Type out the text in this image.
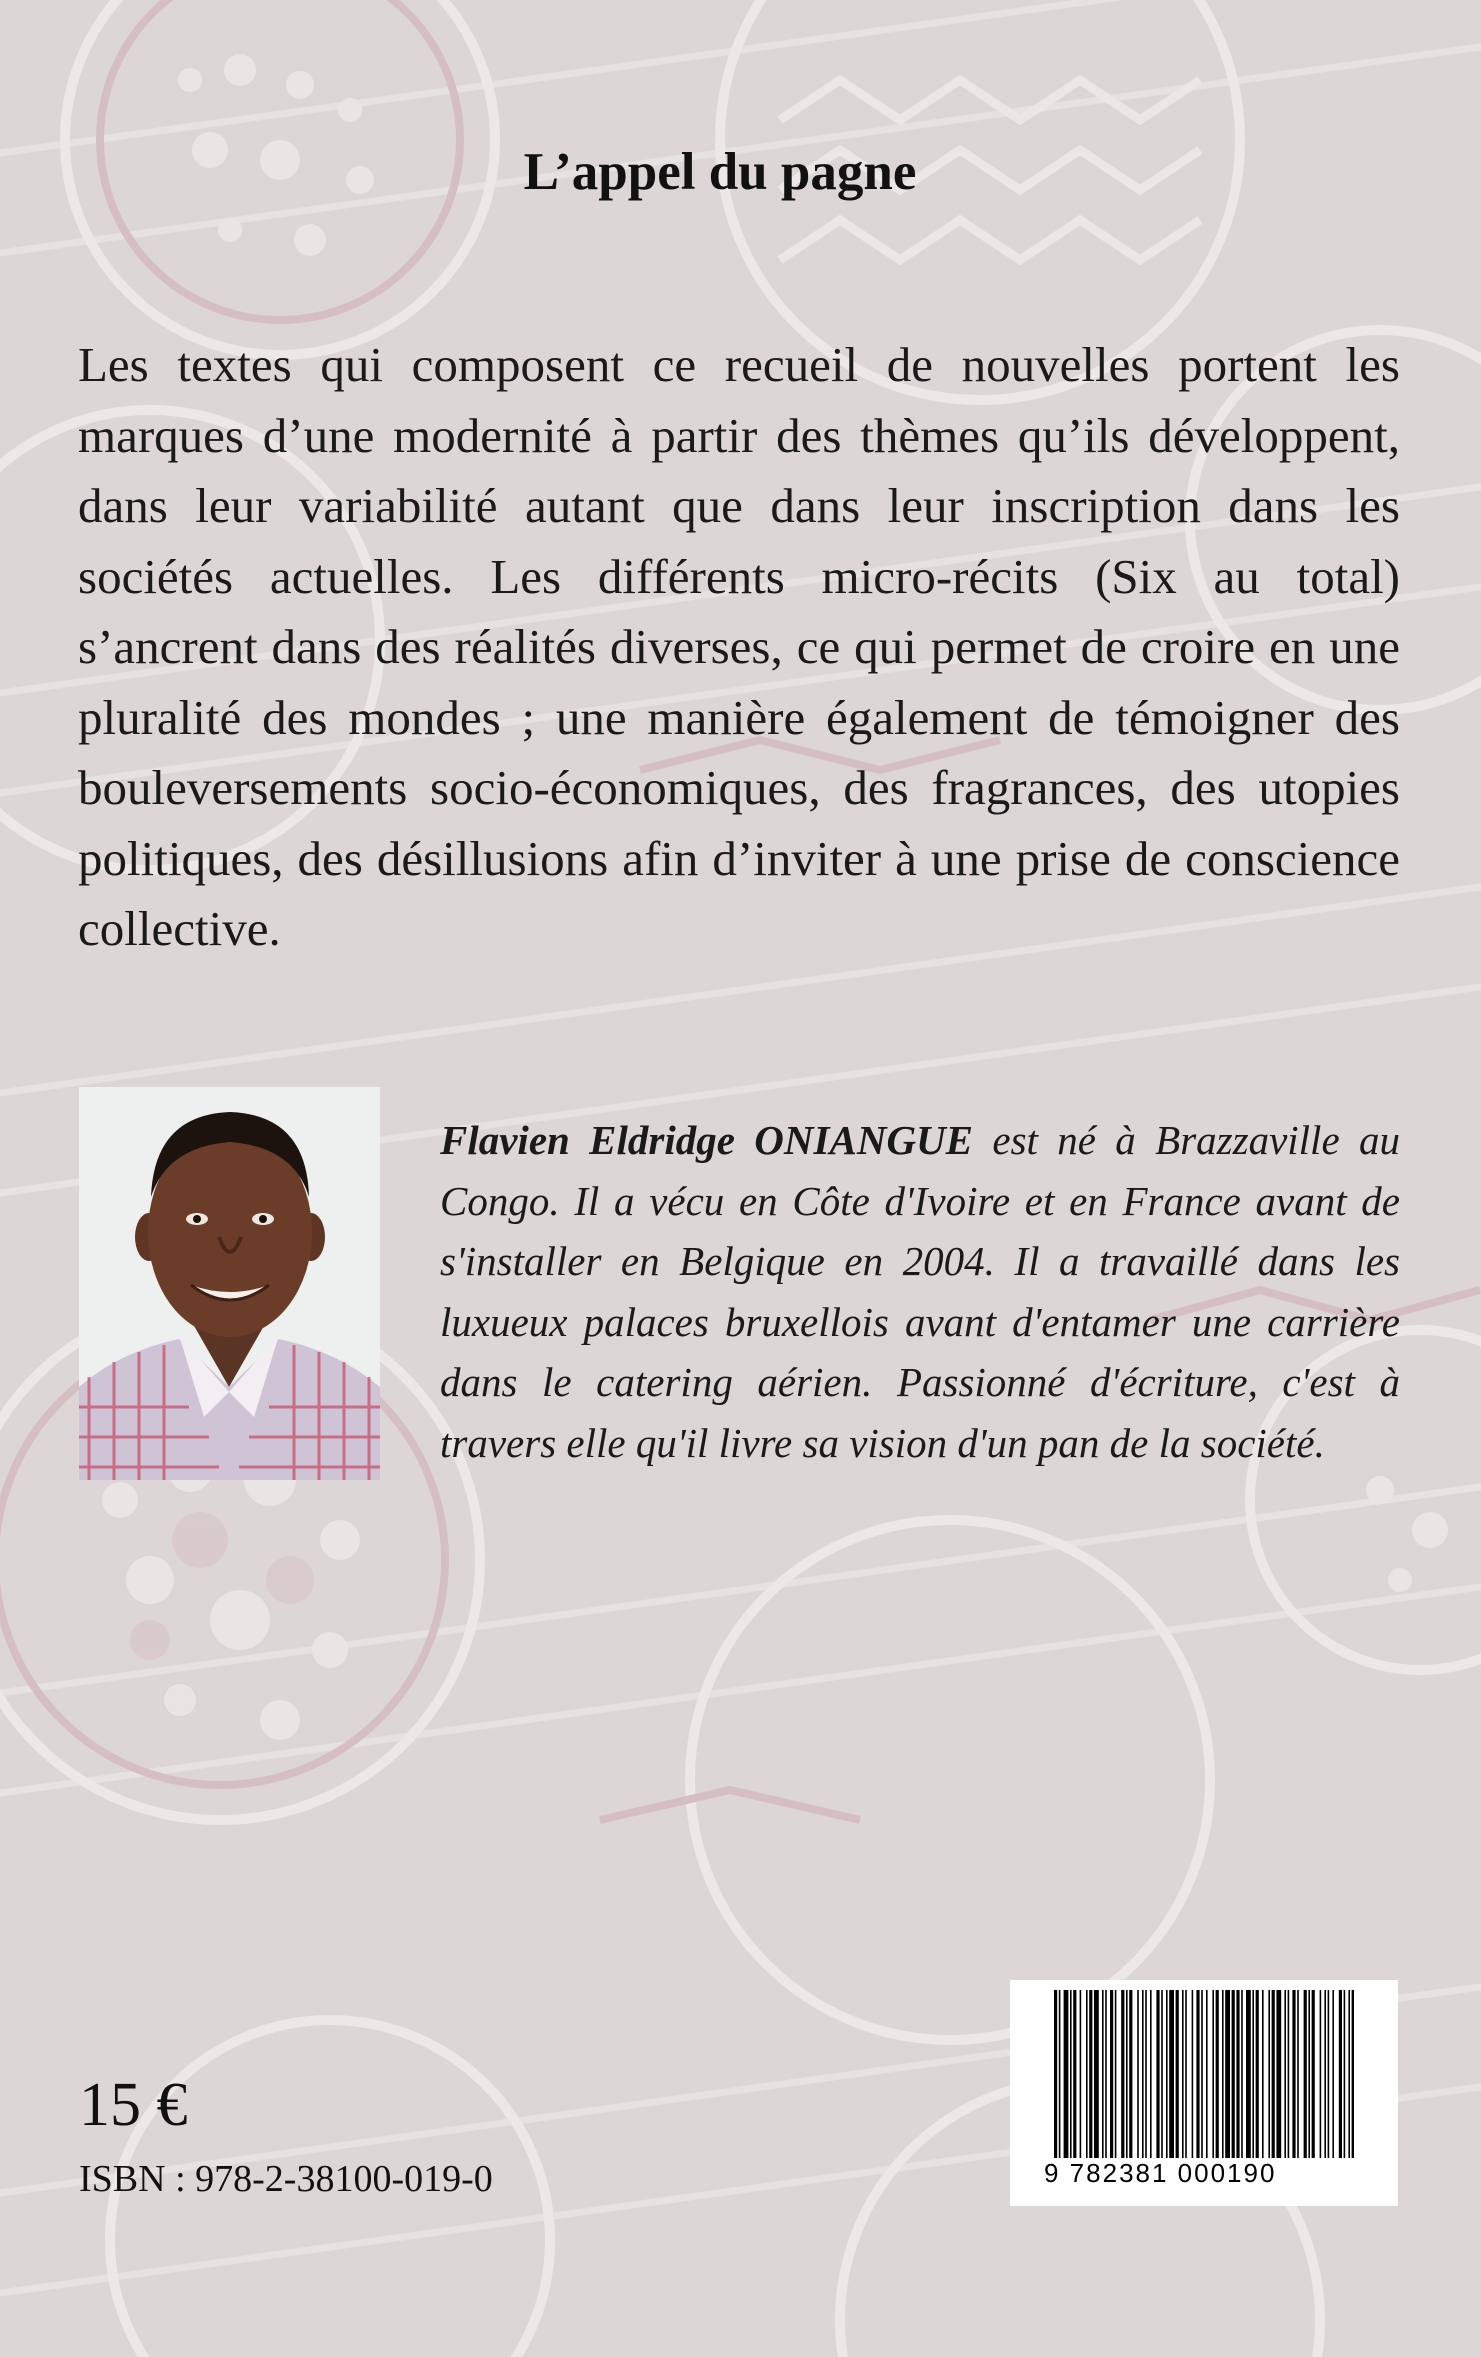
L’appel du pagne
Les textes qui composent ce recueil de nouvelles portent les marques d’une modernité à partir des thèmes qu’ils développent, dans leur variabilité autant que dans leur inscription dans les sociétés actuelles. Les différents micro-récits (Six au total) s’ancrent dans des réalités diverses, ce qui permet de croire en une pluralité des mondes ; une manière également de témoigner des bouleversements socio-économiques, des fragrances, des utopies politiques, des désillusions afin d’inviter à une prise de conscience collective.
Flavien Eldridge ONIANGUE est né à Brazzaville au Congo. Il a vécu en Côte d'Ivoire et en France avant de s'installer en Belgique en 2004. Il a travaillé dans les luxueux palaces bruxellois avant d'entamer une carrière dans le catering aérien. Passionné d'écriture, c'est à travers elle qu'il livre sa vision d'un pan de la société.
15 €
ISBN : 978-2-38100-019-0	9 782381 000190
